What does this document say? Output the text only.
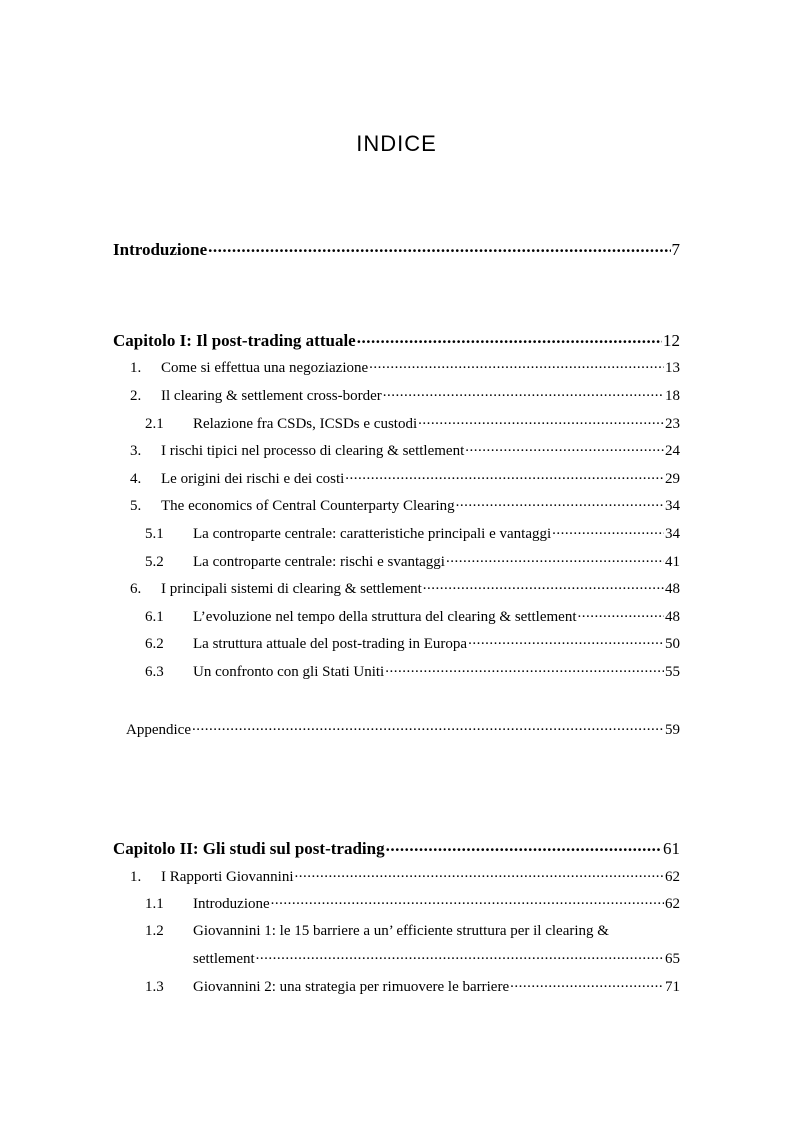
INDICE
Introduzione .....	7
Capitolo I: Il post-trading attuale .....	12
1.	Come si effettua una negoziazione .....	13
2.	Il clearing & settlement cross-border .....	18
2.1	Relazione fra CSDs, ICSDs e custodi .....	23
3.	I rischi tipici nel processo di clearing & settlement .....	24
4.	Le origini dei rischi e dei costi .....	29
5.	The economics of Central Counterparty Clearing .....	34
5.1	La controparte centrale: caratteristiche principali e vantaggi .....	34
5.2	La controparte centrale: rischi e svantaggi .....	41
6.	I principali sistemi di clearing & settlement .....	48
6.1	L’evoluzione nel tempo della struttura del clearing & settlement .....	48
6.2	La struttura attuale del post-trading in Europa .....	50
6.3	Un confronto con gli Stati Uniti .....	55
Appendice .....	59
Capitolo II: Gli studi sul post-trading .....	61
1.	I Rapporti Giovannini .....	62
1.1	Introduzione .....	62
1.2	Giovannini 1: le 15 barriere a un’ efficiente struttura per il clearing &
settlement .....	65
1.3	Giovannini 2: una strategia per rimuovere le barriere .....	71
